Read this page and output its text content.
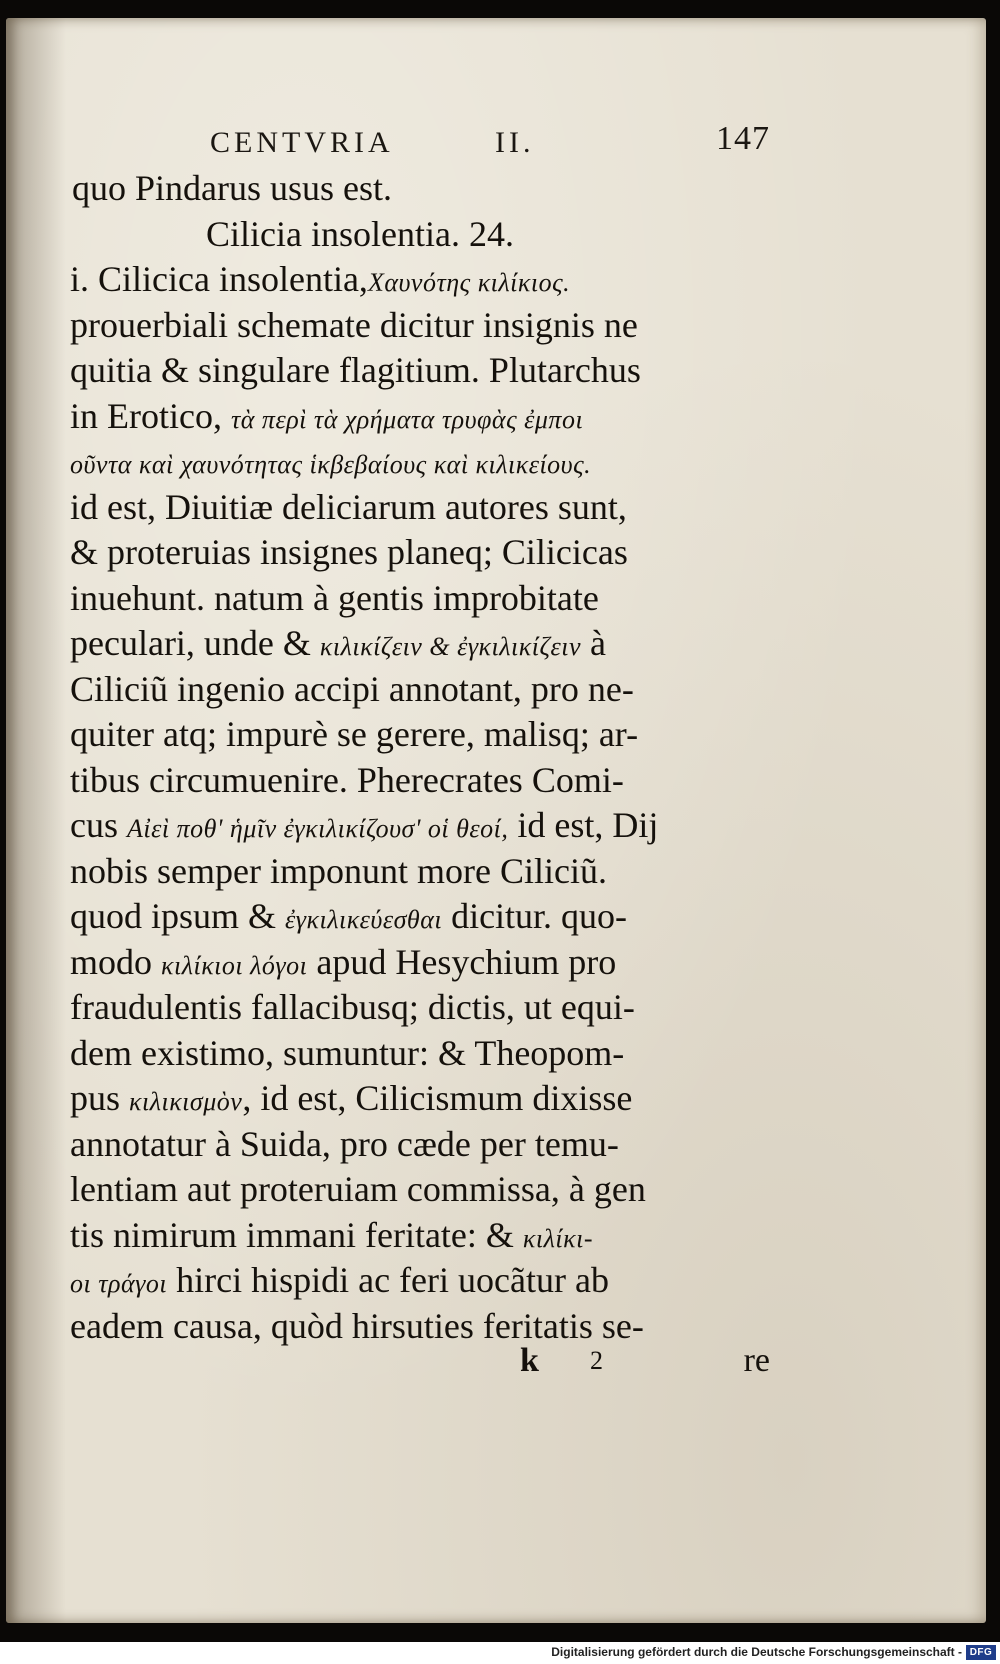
CENTVRIA	II.	147
quo Pindarus usus est.
Cilicia insolentia. 24.
i. Cilicica insolentia,Χαυνότης κιλίκιος.
prouerbiali schemate dicitur insignis ne
quitia & singulare flagitium. Plutarchus
in Erotico, τὰ περὶ τὰ χρήματα τρυφὰς ἐμποι
οῦντα καὶ χαυνότητας ἱκβεβαίους καὶ κιλικείους.
id est, Diuitiæ deliciarum autores sunt,
& proteruias insignes planeq; Cilicicas
inuehunt. natum à gentis improbitate
peculari, unde & κιλικίζειν & ἐγκιλικίζειν à
Ciliciũ ingenio accipi annotant, pro ne-
quiter atq; impurè se gerere, malisq; ar-
tibus circumuenire. Pherecrates Comi-
cus Αἰεὶ ποθ' ἡμῖν ἐγκιλικίζουσ' οἱ θεοί, id est, Dij
nobis semper imponunt more Ciliciũ.
quod ipsum & ἐγκιλικεύεσθαι dicitur. quo-
modo κιλίκιοι λόγοι apud Hesychium pro
fraudulentis fallacibusq; dictis, ut equi-
dem existimo, sumuntur: & Theopom-
pus κιλικισμὸν, id est, Cilicismum dixisse
annotatur à Suida, pro cæde per temu-
lentiam aut proteruiam commissa, à gen
tis nimirum immani feritate: & κιλίκι-
οι τράγοι hirci hispidi ac feri uocãtur ab
eadem causa, quòd hirsuties feritatis se-
k 2	re
Digitalisierung gefördert durch die Deutsche Forschungsgemeinschaft - DFG
